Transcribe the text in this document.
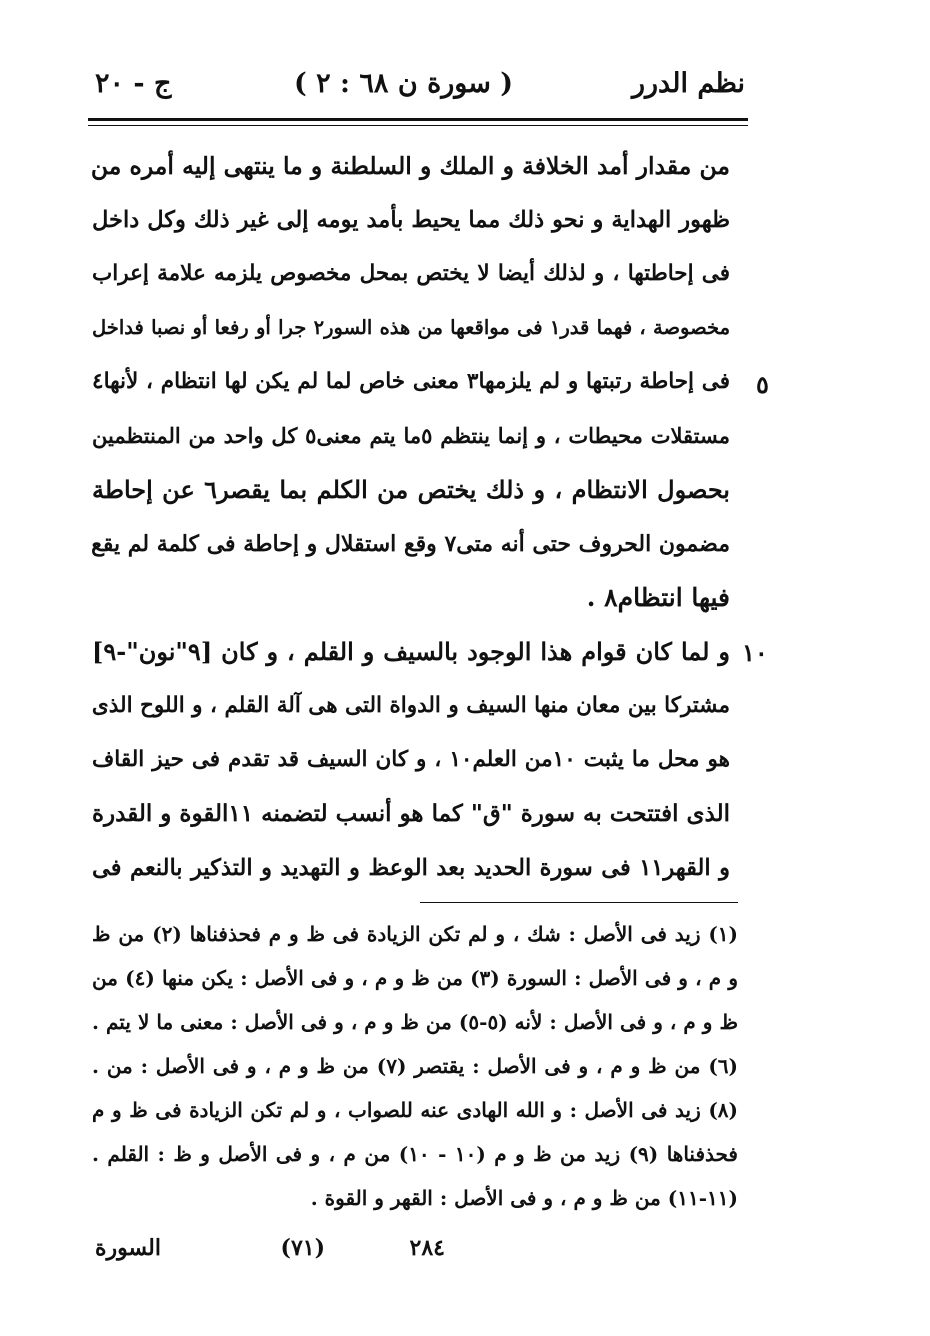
نظم الدرر
( سورة ن ٦٨ : ٢ )
ج - ٢٠
٥
١٠
من مقدار أمد الخلافة و الملك و السلطنة و ما ينتهى إليه أمره من
ظهور الهداية و نحو ذلك مما يحيط بأمد يومه إلى غير ذلك وكل داخل
فى إحاطتها ، و لذلك أيضا لا يختص بمحل مخصوص يلزمه علامة إعراب
مخصوصة ، فهما قدر١ فى مواقعها من هذه السور٢ جرا أو رفعا أو نصبا فداخل
فى إحاطة رتبتها و لم يلزمها٣ معنى خاص لما لم يكن لها انتظام ، لأنها٤
مستقلات محيطات ، و إنما ينتظم ٥ما يتم معنى٥ كل واحد من المنتظمين
بحصول الانتظام ، و ذلك يختص من الكلم بما يقصر٦ عن إحاطة
مضمون الحروف حتى أنه متى٧ وقع استقلال و إحاطة فى كلمة لم يقع
فيها انتظام٨ .
و لما كان قوام هذا الوجود بالسيف و القلم ، و كان [٩"نون"-٩]
مشتركا بين معان منها السيف و الدواة التى هى آلة القلم ، و اللوح الذى
هو محل ما يثبت ١٠من العلم١٠ ، و كان السيف قد تقدم فى حيز القاف
الذى افتتحت به سورة "ق" كما هو أنسب لتضمنه ١١القوة و القدرة
و القهر١١ فى سورة الحديد بعد الوعظ و التهديد و التذكير بالنعم فى
(١) زيد فى الأصل : شك ، و لم تكن الزيادة فى ظ و م فحذفناها (٢) من ظ
و م ، و فى الأصل : السورة (٣) من ظ و م ، و فى الأصل : يكن منها (٤) من
ظ و م ، و فى الأصل : لأنه (٥-٥) من ظ و م ، و فى الأصل : معنى ما لا يتم .
(٦) من ظ و م ، و فى الأصل : يقتصر (٧) من ظ و م ، و فى الأصل : من .
(٨) زيد فى الأصل : و الله الهادى عنه للصواب ، و لم تكن الزيادة فى ظ و م
فحذفناها (٩) زيد من ظ و م (١٠ - ١٠) من م ، و فى الأصل و ظ : القلم .
(١١-١١) من ظ و م ، و فى الأصل : القهر و القوة .
٢٨٤
(٧١)
السورة
